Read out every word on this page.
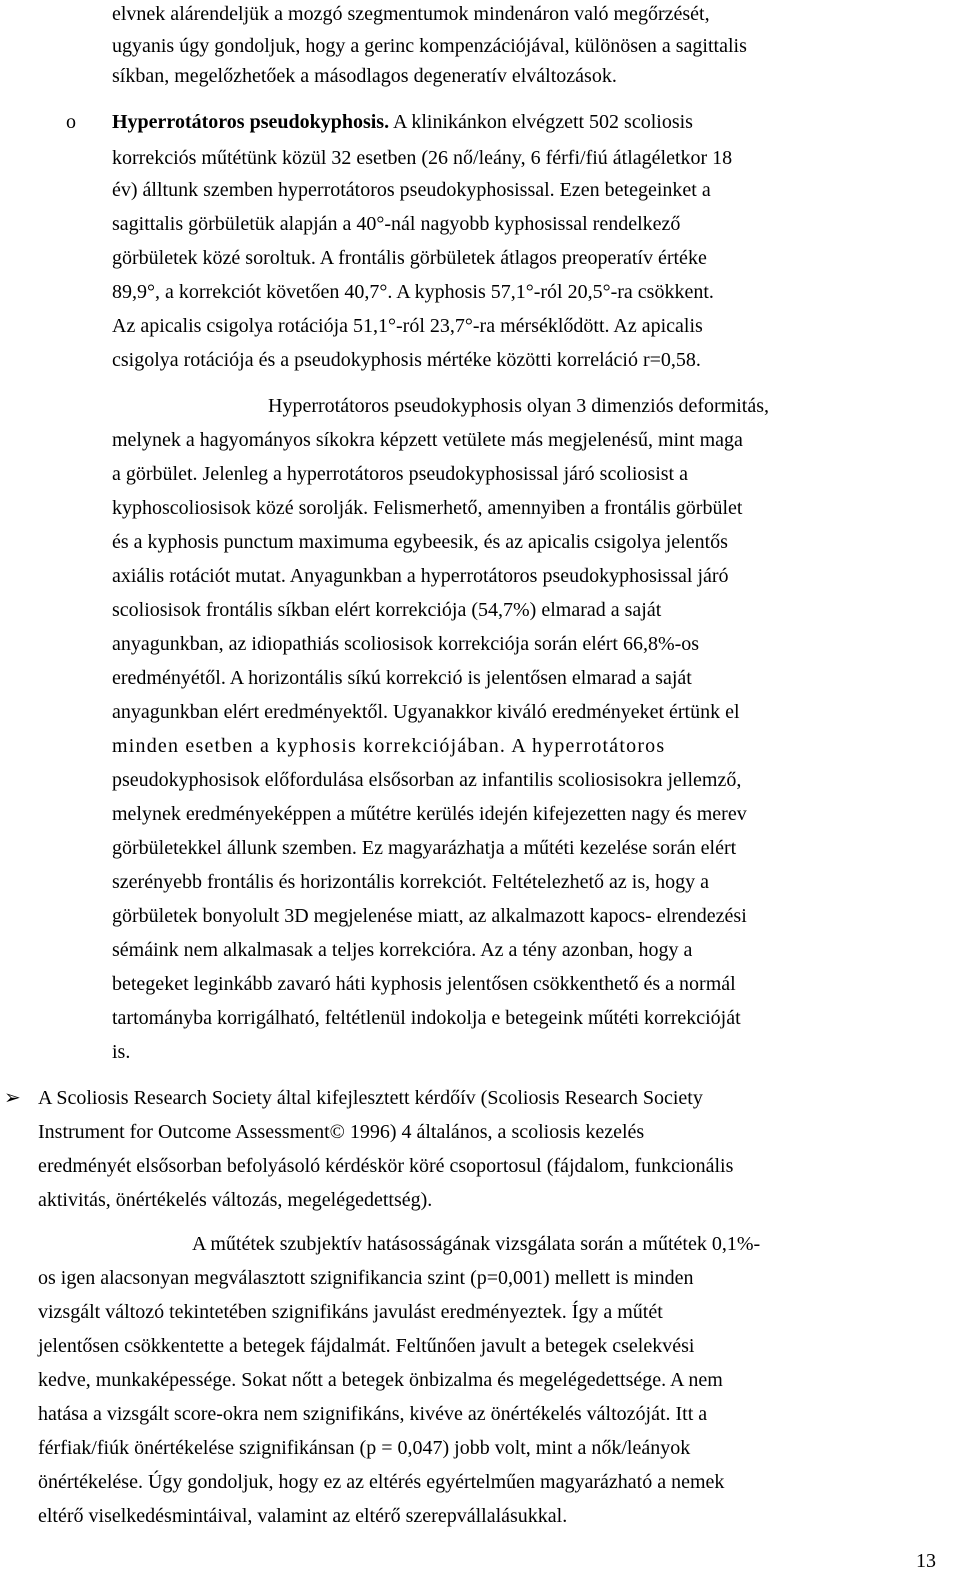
elvnek alárendeljük a mozgó szegmentumok mindenáron való megőrzését,
ugyanis úgy gondoljuk, hogy a gerinc kompenzációjával, különösen a sagittalis
síkban, megelőzhetőek a másodlagos degeneratív elváltozások.
o Hyperrotátoros pseudokyphosis. A klinikánkon elvégzett 502 scoliosis
korrekciós műtétünk közül 32 esetben (26 nő/leány, 6 férfi/fiú átlagéletkor 18
év) álltunk szemben hyperrotátoros pseudokyphosissal. Ezen betegeinket a
sagittalis görbületük alapján a 40°-nál nagyobb kyphosissal rendelkező
görbületek közé soroltuk. A frontális görbületek átlagos preoperatív értéke
89,9°, a korrekciót követően 40,7°. A kyphosis 57,1°-ról 20,5°-ra csökkent.
Az apicalis csigolya rotációja 51,1°-ról 23,7°-ra mérséklődött. Az apicalis
csigolya rotációja és a pseudokyphosis mértéke közötti korreláció r=0,58.
Hyperrotátoros pseudokyphosis olyan 3 dimenziós deformitás,
melynek a hagyományos síkokra képzett vetülete más megjelenésű, mint maga
a görbület. Jelenleg a hyperrotátoros pseudokyphosissal járó scoliosist a
kyphoscoliosisok közé sorolják. Felismerhető, amennyiben a frontális görbület
és a kyphosis punctum maximuma egybeesik, és az apicalis csigolya jelentős
axiális rotációt mutat. Anyagunkban a hyperrotátoros pseudokyphosissal járó
scoliosisok frontális síkban elért korrekciója (54,7%) elmarad a saját
anyagunkban, az idiopathiás scoliosisok korrekciója során elért 66,8%-os
eredményétől. A horizontális síkú korrekció is jelentősen elmarad a saját
anyagunkban elért eredményektől. Ugyanakkor kiváló eredményeket értünk el
minden esetben a kyphosis korrekciójában. A hyperrotátoros
pseudokyphosisok előfordulása elsősorban az infantilis scoliosisokra jellemző,
melynek eredményeképpen a műtétre kerülés idején kifejezetten nagy és merev
görbületekkel állunk szemben. Ez magyarázhatja a műtéti kezelése során elért
szerényebb frontális és horizontális korrekciót. Feltételezhető az is, hogy a
görbületek bonyolult 3D megjelenése miatt, az alkalmazott kapocs- elrendezési
sémáink nem alkalmasak a teljes korrekcióra. Az a tény azonban, hogy a
betegeket leginkább zavaró háti kyphosis jelentősen csökkenthető és a normál
tartományba korrigálható, feltétlenül indokolja e betegeink műtéti korrekcióját
is.
➢ A Scoliosis Research Society által kifejlesztett kérdőív (Scoliosis Research Society
Instrument for Outcome Assessment© 1996) 4 általános, a scoliosis kezelés
eredményét elsősorban befolyásoló kérdéskör köré csoportosul (fájdalom, funkcionális
aktivitás, önértékelés változás, megelégedettség).
A műtétek szubjektív hatásosságának vizsgálata során a műtétek 0,1%-
os igen alacsonyan megválasztott szignifikancia szint (p=0,001) mellett is minden
vizsgált változó tekintetében szignifikáns javulást eredményeztek. Így a műtét
jelentősen csökkentette a betegek fájdalmát. Feltűnően javult a betegek cselekvési
kedve, munkaképessége. Sokat nőtt a betegek önbizalma és megelégedettsége. A nem
hatása a vizsgált score-okra nem szignifikáns, kivéve az önértékelés változóját. Itt a
férfiak/fiúk önértékelése szignifikánsan (p = 0,047) jobb volt, mint a nők/leányok
önértékelése. Úgy gondoljuk, hogy ez az eltérés egyértelműen magyarázható a nemek
eltérő viselkedésmintáival, valamint az eltérő szerepvállalásukkal.
13
